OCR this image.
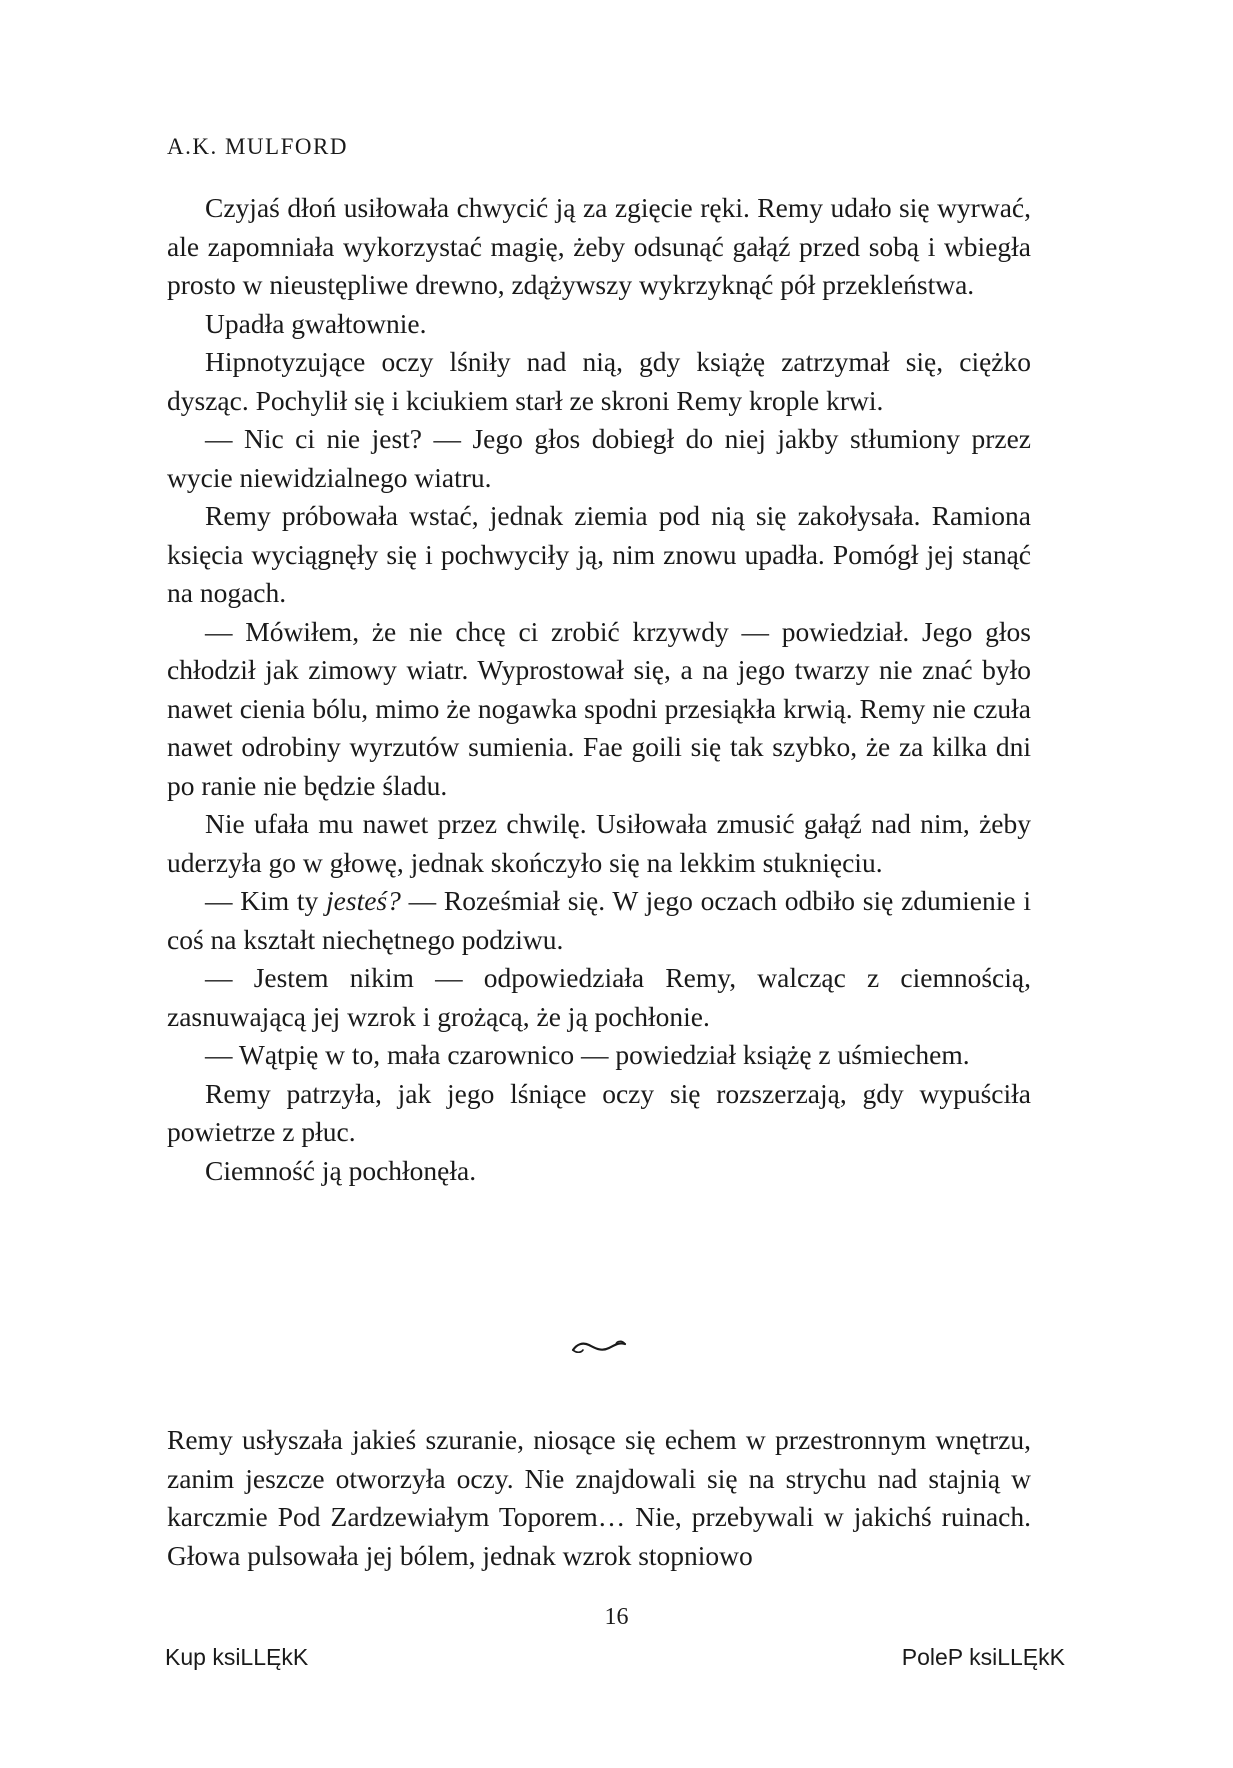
A.K. MULFORD

Czyjaś dłoń usiłowała chwycić ją za zgięcie ręki. Remy udało się wyrwać, ale zapomniała wykorzystać magię, żeby odsunąć gałąź przed sobą i wbiegła prosto w nieustępliwe drewno, zdążywszy wykrzyknąć pół przekleństwa.

Upadła gwałtownie.

Hipnotyzujące oczy lśniły nad nią, gdy książę zatrzymał się, ciężko dysząc. Pochylił się i kciukiem starł ze skroni Remy krople krwi.

— Nic ci nie jest? — Jego głos dobiegł do niej jakby stłumiony przez wycie niewidzialnego wiatru.

Remy próbowała wstać, jednak ziemia pod nią się zakołysała. Ramiona księcia wyciągnęły się i pochwyciły ją, nim znowu upadła. Pomógł jej stanąć na nogach.

— Mówiłem, że nie chcę ci zrobić krzywdy — powiedział. Jego głos chłodził jak zimowy wiatr. Wyprostował się, a na jego twarzy nie znać było nawet cienia bólu, mimo że nogawka spodni przesiąkła krwią. Remy nie czuła nawet odrobiny wyrzutów sumienia. Fae goili się tak szybko, że za kilka dni po ranie nie będzie śladu.

Nie ufała mu nawet przez chwilę. Usiłowała zmusić gałąź nad nim, żeby uderzyła go w głowę, jednak skończyło się na lekkim stuknięciu.

— Kim ty jesteś? — Roześmiał się. W jego oczach odbiło się zdumienie i coś na kształt niechętnego podziwu.

— Jestem nikim — odpowiedziała Remy, walcząc z ciemnością, zasnuwającą jej wzrok i grożącą, że ją pochłonie.

— Wątpię w to, mała czarownico — powiedział książę z uśmiechem.

Remy patrzyła, jak jego lśniące oczy się rozszerzają, gdy wypuściła powietrze z płuc.

Ciemność ją pochłonęła.

Remy usłyszała jakieś szuranie, niosące się echem w przestronnym wnętrzu, zanim jeszcze otworzyła oczy. Nie znajdowali się na strychu nad stajnią w karczmie Pod Zardzewiałym Toporem… Nie, przebywali w jakichś ruinach. Głowa pulsowała jej bólem, jednak wzrok stopniowo

16
Kup ksiLLĘkK	PoleP ksiLLĘkK
